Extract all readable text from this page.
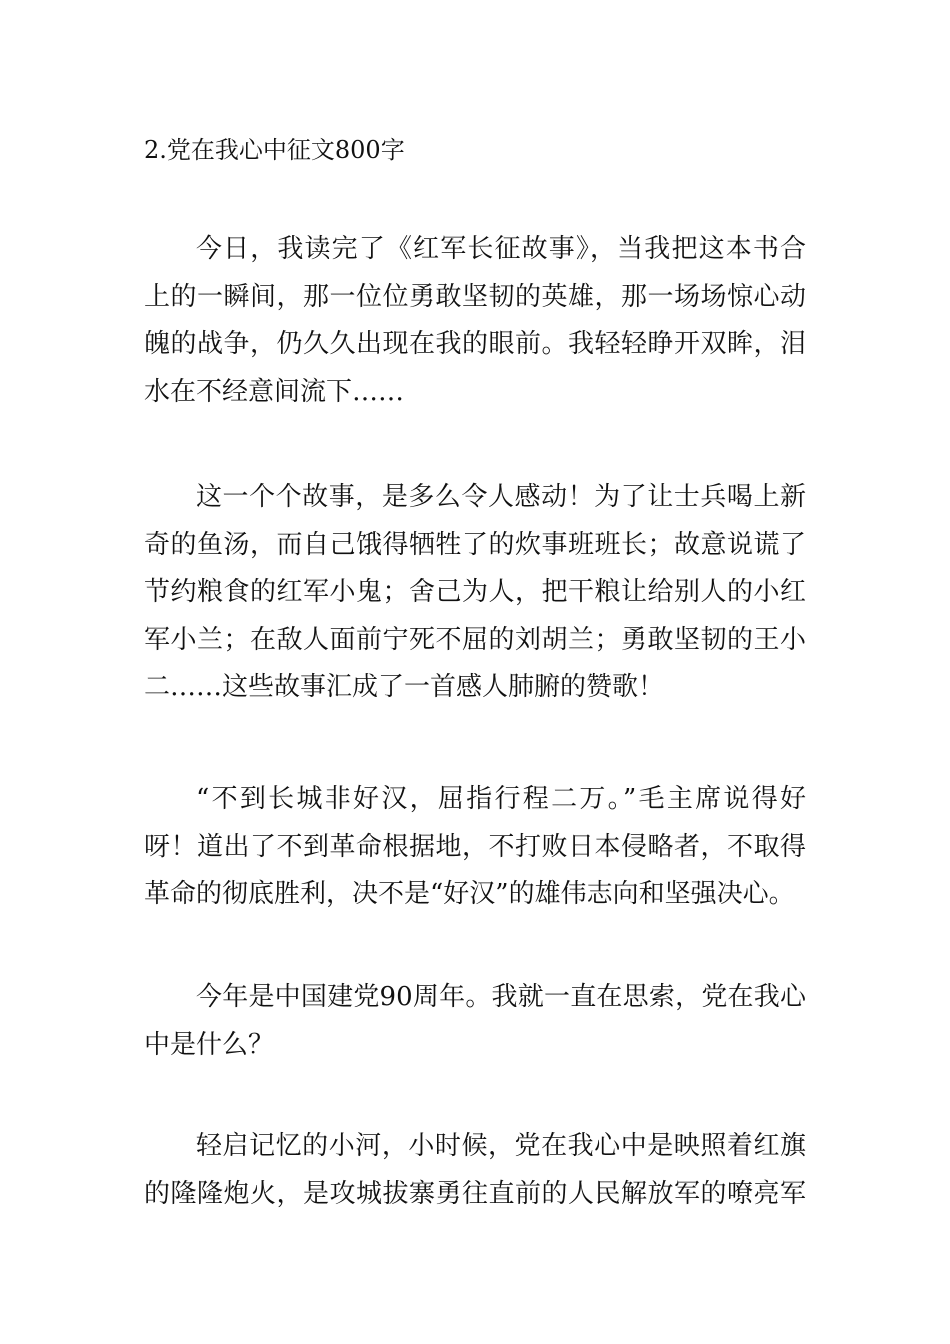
2.党在我心中征文800字
今日，我读完了《红军长征故事》，当我把这本书合
上的一瞬间，那一位位勇敢坚韧的英雄，那一场场惊心动
魄的战争，仍久久出现在我的眼前。我轻轻睁开双眸，泪
水在不经意间流下……
这一个个故事，是多么令人感动！为了让士兵喝上新
奇的鱼汤，而自己饿得牺牲了的炊事班班长；故意说谎了
节约粮食的红军小鬼；舍己为人，把干粮让给别人的小红
军小兰；在敌人面前宁死不屈的刘胡兰；勇敢坚韧的王小
二……这些故事汇成了一首感人肺腑的赞歌！
“不到长城非好汉，屈指行程二万。”毛主席说得好
呀！道出了不到革命根据地，不打败日本侵略者，不取得
革命的彻底胜利，决不是“好汉”的雄伟志向和坚强决心。
今年是中国建党90周年。我就一直在思索，党在我心
中是什么？
轻启记忆的小河，小时候，党在我心中是映照着红旗
的隆隆炮火，是攻城拔寨勇往直前的人民解放军的嘹亮军
